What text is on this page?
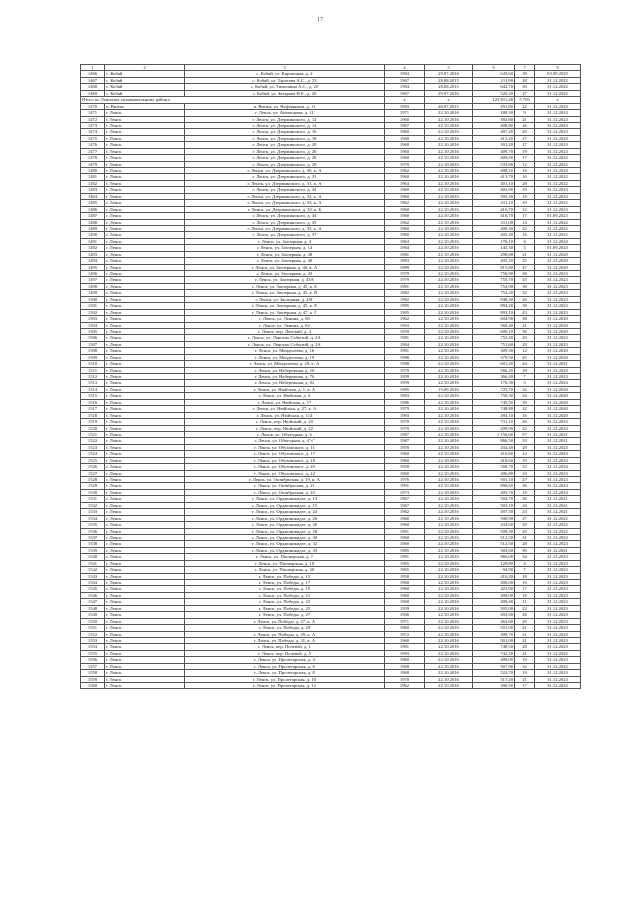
17
1	2	3	4	5	6	7	8
1466	с. Кобяй	с. Кобяй, ул. Кирпичная, д. 2	1984	29.07.2016	645,60	39	03.09.2025
1467	с. Кобяй	с. Кобяй, ул. Тарасова А.С., д. 23	1967	28.08.2015	211,90	28	31.12.2022
1468	с. Кобяй	с. Кобяй, ул. Тимошина А.С., д. 25	1984	28.08.2015	642,70	30	31.12.2022
1469	с. Кобяй	с. Кобяй, ул. Захарова Н.Е., д. 20	1967	29.07.2016	520,20	27	31.12.2022
Итого по Ленскому муниципальному району:			x	x	123 811,48	5 705	x
1470	п. Витим	п. Витим, ул. Нефтяников, д. 11	1983	20.07.2015	291,80	22	31.12.2023
1471	г. Ленск	г. Ленск, ул. Апаткорова, д. 11	1971	22.10.2016	188,30	9	31.12.2024
1472	г. Ленск	г. Ленск, ул. Дзержинского, д. 12	1960	22.10.2016	392,80	21	31.12.2023
1473	г. Ленск	г. Ленск, ул. Дзержинского, д. 14	1967	22.10.2016	408,80	26	31.12.2023
1474	г. Ленск	г. Ленск, ул. Дзержинского, д. 16	1960	22.10.2016	407,20	20	31.12.2023
1475	г. Ленск	г. Ленск, ул. Дзержинского, д. 18	1960	22.10.2016	415,20	27	31.12.2023
1476	г. Ленск	г. Ленск, ул. Дзержинского, д. 20	1960	22.10.2016	391,20	17	31.12.2023
1477	г. Ленск	г. Ленск, ул. Дзержинского, д. 26	1960	22.10.2016	409,70	19	31.12.2023
1478	г. Ленск	г. Ленск, ул. Дзержинского, д. 28	1960	22.10.2016	409,50	17	31.12.2022
1479	г. Ленск	г. Ленск, ул. Дзержинского, д. 29	1970	22.10.2016	533,80	12	31.12.2022
1480	г. Ленск	г. Ленск, ул. Дзержинского, д. 30, к. А	1962	22.10.2016	408,10	16	31.12.2023
1481	г. Ленск	г. Ленск, ул. Дзержинского, д. 31	1960	22.10.2016	413,70	10	31.12.2022
1482	г. Ленск	г. Ленск, ул. Дзержинского, д. 31, к. А	1964	22.10.2016	401,10	28	31.12.2022
1483	г. Ленск	г. Ленск, ул. Дзержинского, д. 32	1960	22.10.2016	403,90	19	31.12.2023
1484	г. Ленск	г. Ленск, ул. Дзержинского, д. 32, к. А	1960	22.10.2016	395,30	18	31.12.2023
1485	г. Ленск	г. Ленск, ул. Дзержинского, д. 33, к. А	1962	22.10.2016	411,10	19	31.12.2022
1486	г. Ленск	г. Ленск, ул. Дзержинского, д. 33, к. Б	1960	22.10.2016	416,70	12	31.12.2023
1487	г. Ленск	г. Ленск, ул. Дзержинского, д. 34	1960	22.10.2016	410,70	17	01.09.2023
1488	г. Ленск	г. Ленск, ул. Дзержинского, д. 35	1962	22.10.2016	411,00	14	31.12.2022
1489	г. Ленск	г. Ленск, ул. Дзержинского, д. 35, к. А	1960	22.10.2016	409,30	22	31.12.2022
1490	г. Ленск	г. Ленск, ул. Дзержинского, д. 37	1960	22.10.2016	405,20	16	31.12.2022
1491	г. Ленск	г. Ленск, ул. Заозерная, д. 4	1964	22.10.2016	176,10	4	31.12.2024
1492	г. Ленск	г. Ленск, ул. Заозерная, д. 14	1964	22.10.2016	145,30	5	01.09.2023
1493	г. Ленск	г. Ленск, ул. Заозерная, д. 38	1981	22.10.2016	298,80	21	31.12.2020
1494	г. Ленск	г. Ленск, ул. Заозерная, д. 40	1983	22.10.2016	495,20	25	31.12.2020
1495	г. Ленск	г. Ленск, ул. Заозерная, д. 40, к. А	1989	22.10.2016	815,80	47	31.12.2020
1496	г. Ленск	г. Ленск, ул. Заозерная, д. 43	1979	22.10.2016	750,90	28	31.12.2023
1497	г. Ленск	г. Ленск, ул. Заозерная, д. 43А	1979	22.10.2016	755,70	25	31.12.2023
1498	г. Ленск	г. Ленск, ул. Заозерная, д. 45, к. Б	1981	22.10.2016	754,90	30	31.12.2023
1499	г. Ленск	г. Ленск, ул. Заозерная, д. 45, к. В	1982	22.10.2016	754,20	32	31.12.2023
1500	г. Ленск	г. Ленск, ул. Заозерная, д. 45Г	1982	22.10.2016	848,30	26	31.12.2023
1501	г. Ленск	г. Ленск, ул. Заозерная, д. 45, к. Е	1995	22.10.2016	894,20	38	31.12.2023
1502	г. Ленск	г. Ленск, ул. Заозерная, д. 47, к. Г	1995	22.10.2016	893,10	43	31.12.2023
1503	г. Ленск	г. Ленск, ул. Ленина, д. 60	1962	22.10.2016	604,90	38	31.12.2020
1504	г. Ленск	г. Ленск, ул. Ленина, д. 62	1963	22.10.2016	568,40	21	31.12.2020
1505	г. Ленск	г. Ленск, пер. Ленский, д. 4	1959	22.10.2016	600,10	36	31.12.2020
1506	г. Ленск	г. Ленск, ул. Ленских Событий, д. 2А	1981	22.10.2016	752,40	29	31.12.2023
1507	г. Ленск	г. Ленск, ул. Ленских Событий, д. 2А	1984	22.10.2016	751,60	29	31.12.2023
1508	г. Ленск	г. Ленск, ул. Менделеева, д. 16	1981	22.10.2016	309,30	12	31.12.2020
1509	г. Ленск	г. Ленск, ул. Менделеева, д. 19	1988	22.10.2016	370,50	45	31.12.2020
1510	г. Ленск	г. Ленск, ул. Менделеева, д. 29, к. А	1988	22.10.2016	601,40	44	31.12.2021
1511	г. Ленск	г. Ленск, ул. Набережная, д. 18	1970	22.10.2016	566,20	19	31.12.2023
1512	г. Ленск	г. Ленск, ул. Набережная, д. 76	1959	22.10.2016	366,40	7	31.12.2023
1513	г. Ленск	г. Ленск, ул. Набережная, д. 92	1959	22.10.2016	176,30	3	31.12.2024
1514	г. Ленск	г. Ленск, ул. Нюйская, д. 1, к. А	1985	15.09.2016	725,70	32	31.12.2020
1515	г. Ленск	г. Ленск, ул. Нюйская, д. 3	1983	22.10.2016	758,30	34	31.12.2020
1516	г. Ленск	г. Ленск, ул. Нюйская, д. 17	1986	22.10.2016	749,50	39	31.12.2020
1517	г. Ленск	г. Ленск, ул. Нюйская, д. 27, к. А	1979	22.10.2016	748,80	32	31.12.2020
1518	г. Ленск	г. Ленск, ул. Нюйская, д. 114	1983	22.10.2016	494,10	16	31.12.2020
1519	г. Ленск	г. Ленск, пер. Нюйский, д. 20	1970	22.10.2016	731,10	26	31.12.2023
1520	г. Ленск	г. Ленск, пер. Нюйский, д. 22	1970	22.10.2016	209,90	22	31.12.2023
1521	г. Ленск	г. Ленск, ул. Объездная, д. 4	1987	22.10.2016	1 156,00	57	31.12.2021
1522	г. Ленск	г. Ленск, ул. Объездная, д. 4"з"	1987	22.10.2016	866,50	33	31.12.2021
1523	г. Ленск	г. Ленск, ул. Обуховского, д. 11	1959	22.10.2016	434,40	28	31.12.2023
1524	г. Ленск	г. Ленск, ул. Обуховского, д. 17	1960	22.10.2016	410,60	14	31.12.2023
1525	г. Ленск	г. Ленск, ул. Обуховского, д. 18	1960	22.10.2016	418,60	19	31.12.2023
1526	г. Ленск	г. Ленск, ул. Обуховского, д. 20	1958	22.10.2016	358,70	33	31.12.2024
1527	г. Ленск	г. Ленск, ул. Обуховского, д. 22	1960	22.10.2016	406,80	23	31.12.2023
1528	г. Ленск	г. Ленск, ул. Октябрьская, д. 19, к. А	1976	22.10.2016	501,10	27	31.12.2023
1529	г. Ленск	г. Ленск, ул. Октябрьская, д. 21	1991	22.10.2016	890,60	36	31.12.2024
1530	г. Ленск	г. Ленск, ул. Октябрьская, д. 24	1973	22.10.2016	403,70	18	31.12.2024
1531	г. Ленск	г. Ленск, ул. Орджоникидзе, д. 13	1967	22.10.2016	504,70	26	31.12.2021
1532	г. Ленск	г. Ленск, ул. Орджоникидзе, д. 15	1967	22.10.2016	503,10	24	31.12.2021
1533	г. Ленск	г. Ленск, ул. Орджоникидзе, д. 24	1962	22.10.2016	497,30	23	31.12.2021
1534	г. Ленск	г. Ленск, ул. Орджоникидзе, д. 26	1960	22.10.2016	500,90	27	31.12.2022
1535	г. Ленск	г. Ленск, ул. Орджоникидзе, д. 26	1960	22.10.2016	434,60	29	31.12.2022
1536	г. Ленск	г. Ленск, ул. Орджоникидзе, д. 28	1991	22.10.2016	509,30	20	31.12.2022
1537	г. Ленск	г. Ленск, ул. Орджоникидзе, д. 30	1960	22.10.2016	512,50	31	31.12.2022
1538	г. Ленск	г. Ленск, ул. Орджоникидзе, д. 32	1960	22.10.2016	512,50	28	31.12.2023
1539	г. Ленск	г. Ленск, ул. Орджоникидзе, д. 33	1985	22.10.2016	503,60	30	31.12.2021
1540	г. Ленск	г. Ленск, ул. Пионерская, д. 7	1991	22.10.2016	866,00	34	31.12.2023
1541	г. Ленск	г. Ленск, ул. Пионерская, д. 18	1965	22.10.2016	129,80	4	31.12.2023
1542	г. Ленск	г. Ленск, ул. Пионерская, д. 20	1965	22.10.2016	94,90	7	31.12.2023
1543	г. Ленск	г. Ленск, ул. Победы, д. 15	1958	22.10.2016	410,20	18	31.12.2023
1544	г. Ленск	г. Ленск, ул. Победы, д. 17	1960	22.10.2016	406,00	16	31.12.2023
1545	г. Ленск	г. Ленск, ул. Победы, д. 19	1960	22.10.2016	423,90	17	31.12.2023
1546	г. Ленск	г. Ленск, ул. Победы, д. 21	1960	22.10.2016	409,00	18	31.12.2023
1547	г. Ленск	г. Ленск, ул. Победы, д. 23	1960	22.10.2016	409,40	11	31.12.2023
1548	г. Ленск	г. Ленск, ул. Победы, д. 25	1959	22.10.2016	505,00	22	31.12.2023
1549	г. Ленск	г. Ленск, ул. Победы, д. 27	1960	22.10.2016	493,80	26	31.12.2023
1550	г. Ленск	г. Ленск, ул. Победы, д. 27, к. А	1971	22.10.2016	463,60	29	31.12.2023
1551	г. Ленск	г. Ленск, ул. Победы, д. 29	1960	22.10.2016	501,00	21	31.12.2023
1552	г. Ленск	г. Ленск, ул. Победы, д. 29, к. А	1972	22.10.2016	499,70	21	31.12.2023
1553	г. Ленск	г. Ленск, ул. Победы, д. 31, к. А	1960	22.10.2016	501,00	21	31.12.2023
1554	г. Ленск	г. Ленск, пер. Полевой, д. 1	1981	22.10.2016	748,50	28	31.12.2023
1555	г. Ленск	г. Ленск, пер. Полевой, д. 5	1983	22.10.2016	742,50	21	31.12.2022
1556	г. Ленск	г. Ленск, ул. Пролетарская, д. 4	1960	22.10.2016	409,00	19	31.12.2023
1557	г. Ленск	г. Ленск, ул. Пролетарская, д. 6	1968	22.10.2016	507,90	32	31.12.2022
1558	г. Ленск	г. Ленск, ул. Пролетарская, д. 8	1969	22.10.2016	522,70	19	31.12.2023
1559	г. Ленск	г. Ленск, ул. Пролетарская, д. 10	1970	22.10.2016	517,20	21	31.12.2023
1560	г. Ленск	г. Ленск, ул. Пролетарская, д. 12	1962	22.10.2016	390,50	17	31.12.2022
